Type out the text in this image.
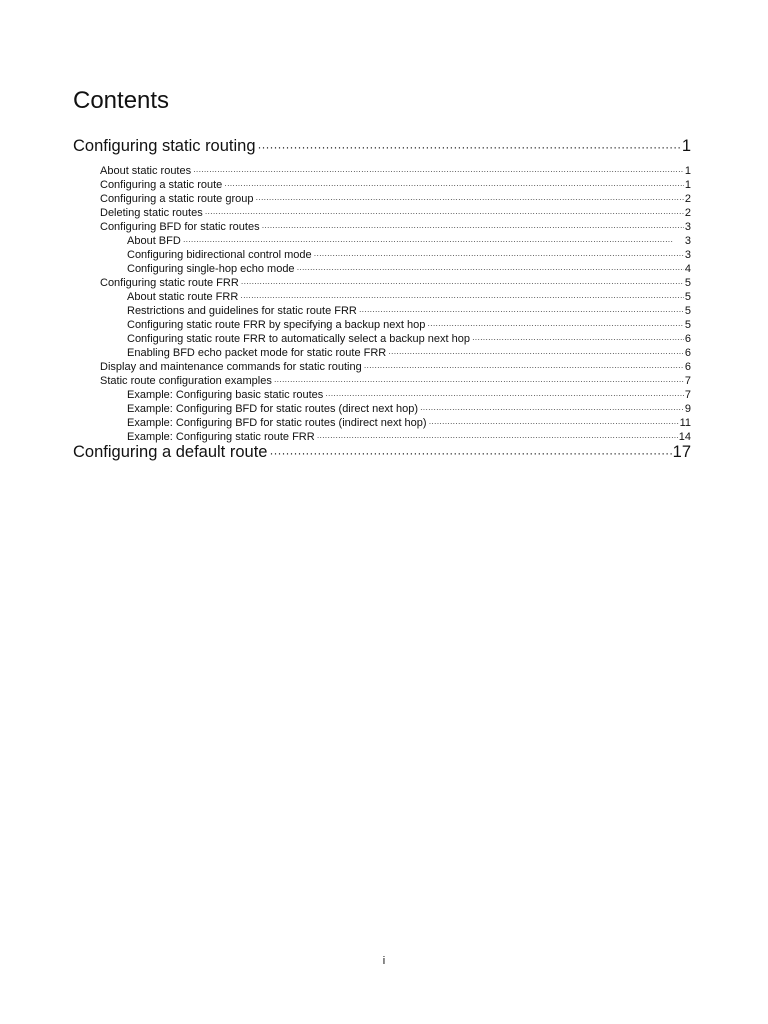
Contents
Configuring static routing ·····	1
About static routes ·····	1
Configuring a static route ·····	1
Configuring a static route group ·····	2
Deleting static routes ·····	2
Configuring BFD for static routes ·····	3
About BFD ·····	3
Configuring bidirectional control mode ·····	3
Configuring single-hop echo mode ·····	4
Configuring static route FRR ·····	5
About static route FRR ·····	5
Restrictions and guidelines for static route FRR ·····	5
Configuring static route FRR by specifying a backup next hop ·····	5
Configuring static route FRR to automatically select a backup next hop ·····	6
Enabling BFD echo packet mode for static route FRR ·····	6
Display and maintenance commands for static routing ·····	6
Static route configuration examples ·····	7
Example: Configuring basic static routes ·····	7
Example: Configuring BFD for static routes (direct next hop) ·····	9
Example: Configuring BFD for static routes (indirect next hop) ·····	11
Example: Configuring static route FRR ·····	14
Configuring a default route ·····	17
i
